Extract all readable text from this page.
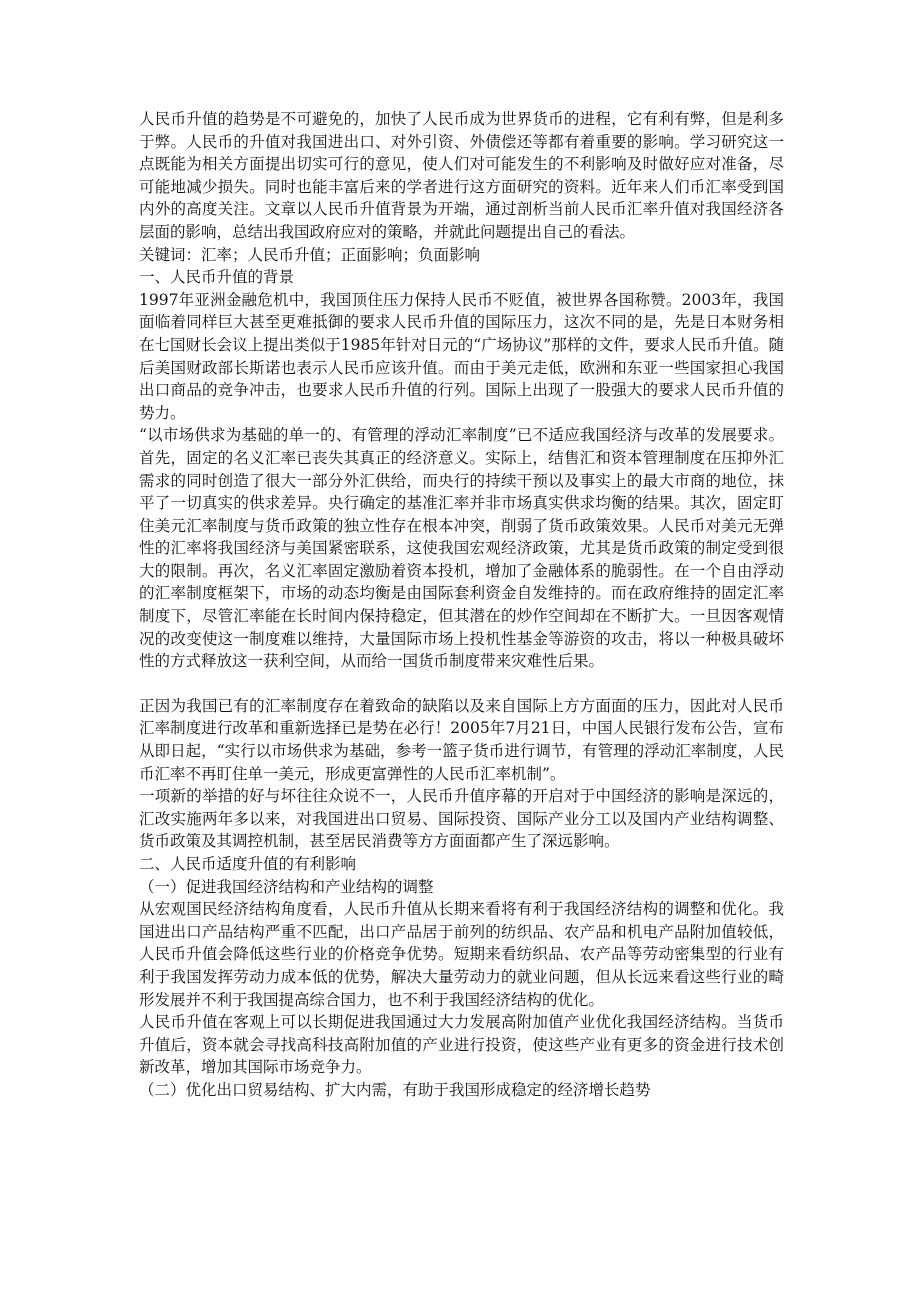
人民币升值的趋势是不可避免的，加快了人民币成为世界货币的进程，它有利有弊，但是利多于弊。人民币的升值对我国进出口、对外引资、外债偿还等都有着重要的影响。学习研究这一点既能为相关方面提出切实可行的意见，使人们对可能发生的不利影响及时做好应对准备，尽可能地减少损失。同时也能丰富后来的学者进行这方面研究的资料。近年来人们币汇率受到国内外的高度关注。文章以人民币升值背景为开端，通过剖析当前人民币汇率升值对我国经济各层面的影响，总结出我国政府应对的策略，并就此问题提出自己的看法。

关键词：汇率；人民币升值；正面影响；负面影响

一、人民币升值的背景

1997年亚洲金融危机中，我国顶住压力保持人民币不贬值，被世界各国称赞。2003年，我国面临着同样巨大甚至更难抵御的要求人民币升值的国际压力，这次不同的是，先是日本财务相在七国财长会议上提出类似于1985年针对日元的“广场协议”那样的文件，要求人民币升值。随后美国财政部长斯诺也表示人民币应该升值。而由于美元走低，欧洲和东亚一些国家担心我国出口商品的竞争冲击，也要求人民币升值的行列。国际上出现了一股强大的要求人民币升值的势力。

“以市场供求为基础的单一的、有管理的浮动汇率制度”已不适应我国经济与改革的发展要求。首先，固定的名义汇率已丧失其真正的经济意义。实际上，结售汇和资本管理制度在压抑外汇需求的同时创造了很大一部分外汇供给，而央行的持续干预以及事实上的最大市商的地位，抹平了一切真实的供求差异。央行确定的基准汇率并非市场真实供求均衡的结果。其次，固定盯住美元汇率制度与货币政策的独立性存在根本冲突，削弱了货币政策效果。人民币对美元无弹性的汇率将我国经济与美国紧密联系，这使我国宏观经济政策，尤其是货币政策的制定受到很大的限制。再次，名义汇率固定激励着资本投机，增加了金融体系的脆弱性。在一个自由浮动的汇率制度框架下，市场的动态均衡是由国际套利资金自发维持的。而在政府维持的固定汇率制度下，尽管汇率能在长时间内保持稳定，但其潜在的炒作空间却在不断扩大。一旦因客观情况的改变使这一制度难以维持，大量国际市场上投机性基金等游资的攻击，将以一种极具破坏性的方式释放这一获利空间，从而给一国货币制度带来灾难性后果。

正因为我国已有的汇率制度存在着致命的缺陷以及来自国际上方方面面的压力，因此对人民币汇率制度进行改革和重新选择已是势在必行！2005年7月21日，中国人民银行发布公告，宣布从即日起，“实行以市场供求为基础，参考一篮子货币进行调节，有管理的浮动汇率制度，人民币汇率不再盯住单一美元，形成更富弹性的人民币汇率机制”。

一项新的举措的好与坏往往众说不一，人民币升值序幕的开启对于中国经济的影响是深远的，汇改实施两年多以来，对我国进出口贸易、国际投资、国际产业分工以及国内产业结构调整、货币政策及其调控机制，甚至居民消费等方方面面都产生了深远影响。

二、人民币适度升值的有利影响

（一）促进我国经济结构和产业结构的调整

从宏观国民经济结构角度看，人民币升值从长期来看将有利于我国经济结构的调整和优化。我国进出口产品结构严重不匹配，出口产品居于前列的纺织品、农产品和机电产品附加值较低，人民币升值会降低这些行业的价格竞争优势。短期来看纺织品、农产品等劳动密集型的行业有利于我国发挥劳动力成本低的优势，解决大量劳动力的就业问题，但从长远来看这些行业的畸形发展并不利于我国提高综合国力，也不利于我国经济结构的优化。

人民币升值在客观上可以长期促进我国通过大力发展高附加值产业优化我国经济结构。当货币升值后，资本就会寻找高科技高附加值的产业进行投资，使这些产业有更多的资金进行技术创新改革，增加其国际市场竞争力。

（二）优化出口贸易结构、扩大内需，有助于我国形成稳定的经济增长趋势
